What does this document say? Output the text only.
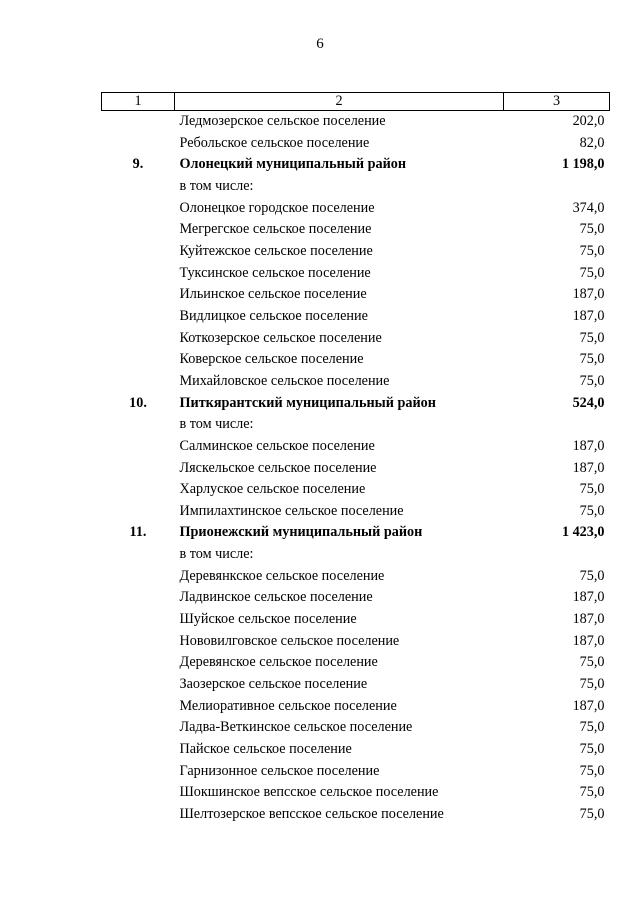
6
1	2	3
	Ледмозерское сельское поселение	202,0
	Ребольское сельское поселение	82,0
9.	Олонецкий муниципальный район	1 198,0
	в том числе:	
	Олонецкое городское поселение	374,0
	Мегрегское сельское поселение	75,0
	Куйтежское сельское поселение	75,0
	Туксинское сельское поселение	75,0
	Ильинское сельское поселение	187,0
	Видлицкое сельское поселение	187,0
	Коткозерское сельское поселение	75,0
	Коверское сельское поселение	75,0
	Михайловское сельское поселение	75,0
10.	Питкярантский муниципальный район	524,0
	в том числе:	
	Салминское сельское поселение	187,0
	Ляскельское сельское поселение	187,0
	Харлуское сельское поселение	75,0
	Импилахтинское сельское поселение	75,0
11.	Прионежский муниципальный район	1 423,0
	в том числе:	
	Деревянкское сельское поселение	75,0
	Ладвинское сельское поселение	187,0
	Шуйское сельское поселение	187,0
	Нововилговское сельское поселение	187,0
	Деревянское сельское поселение	75,0
	Заозерское сельское поселение	75,0
	Мелиоративное сельское поселение	187,0
	Ладва-Веткинское сельское поселение	75,0
	Пайское сельское поселение	75,0
	Гарнизонное сельское поселение	75,0
	Шокшинское вепсское сельское поселение	75,0
	Шелтозерское вепсское сельское поселение	75,0
